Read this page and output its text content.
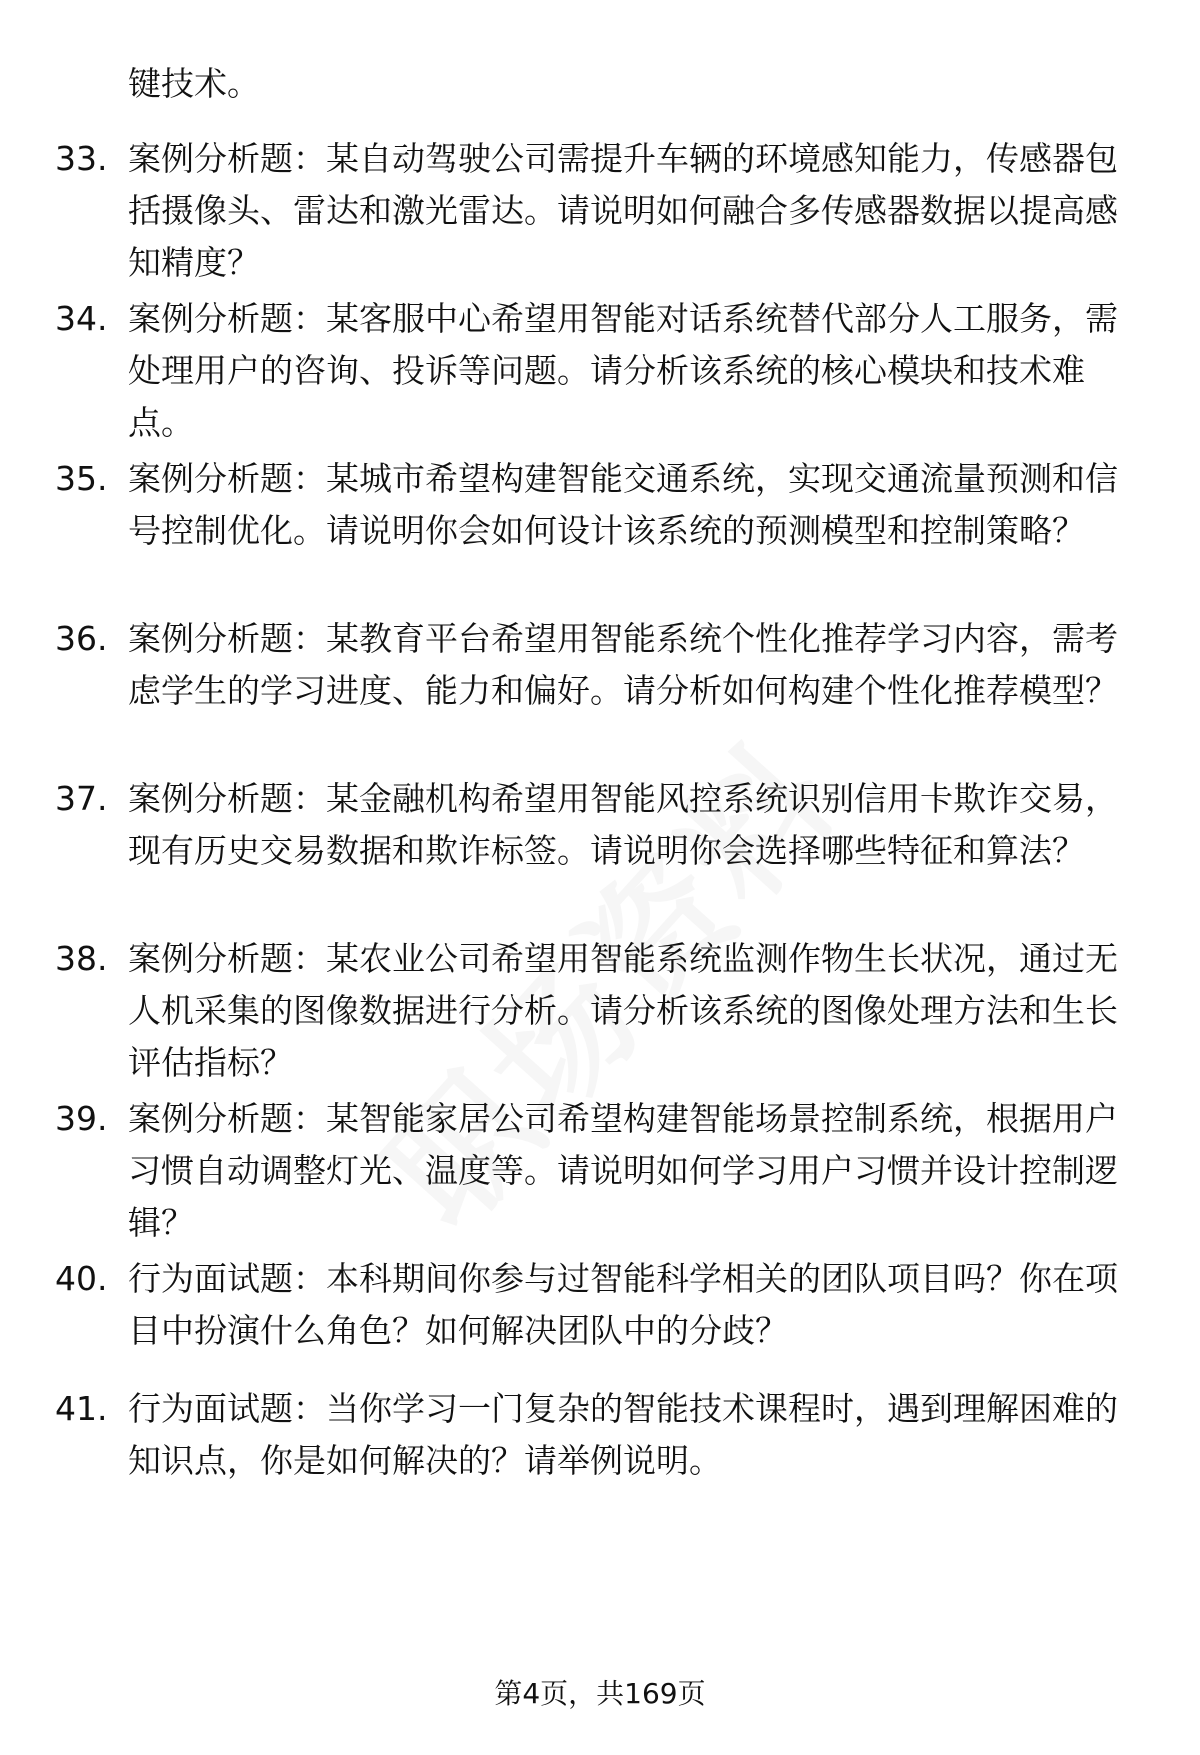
键技术。

33. 案例分析题：某自动驾驶公司需提升车辆的环境感知能力，传感器包括摄像头、雷达和激光雷达。请说明如何融合多传感器数据以提高感知精度？

34. 案例分析题：某客服中心希望用智能对话系统替代部分人工服务，需处理用户的咨询、投诉等问题。请分析该系统的核心模块和技术难点。

35. 案例分析题：某城市希望构建智能交通系统，实现交通流量预测和信号控制优化。请说明你会如何设计该系统的预测模型和控制策略？

36. 案例分析题：某教育平台希望用智能系统个性化推荐学习内容，需考虑学生的学习进度、能力和偏好。请分析如何构建个性化推荐模型？

37. 案例分析题：某金融机构希望用智能风控系统识别信用卡欺诈交易，现有历史交易数据和欺诈标签。请说明你会选择哪些特征和算法？

38. 案例分析题：某农业公司希望用智能系统监测作物生长状况，通过无人机采集的图像数据进行分析。请分析该系统的图像处理方法和生长评估指标？

39. 案例分析题：某智能家居公司希望构建智能场景控制系统，根据用户习惯自动调整灯光、温度等。请说明如何学习用户习惯并设计控制逻辑？

40. 行为面试题：本科期间你参与过智能科学相关的团队项目吗？你在项目中扮演什么角色？如何解决团队中的分歧？

41. 行为面试题：当你学习一门复杂的智能技术课程时，遇到理解困难的知识点，你是如何解决的？请举例说明。

第4页，共169页
